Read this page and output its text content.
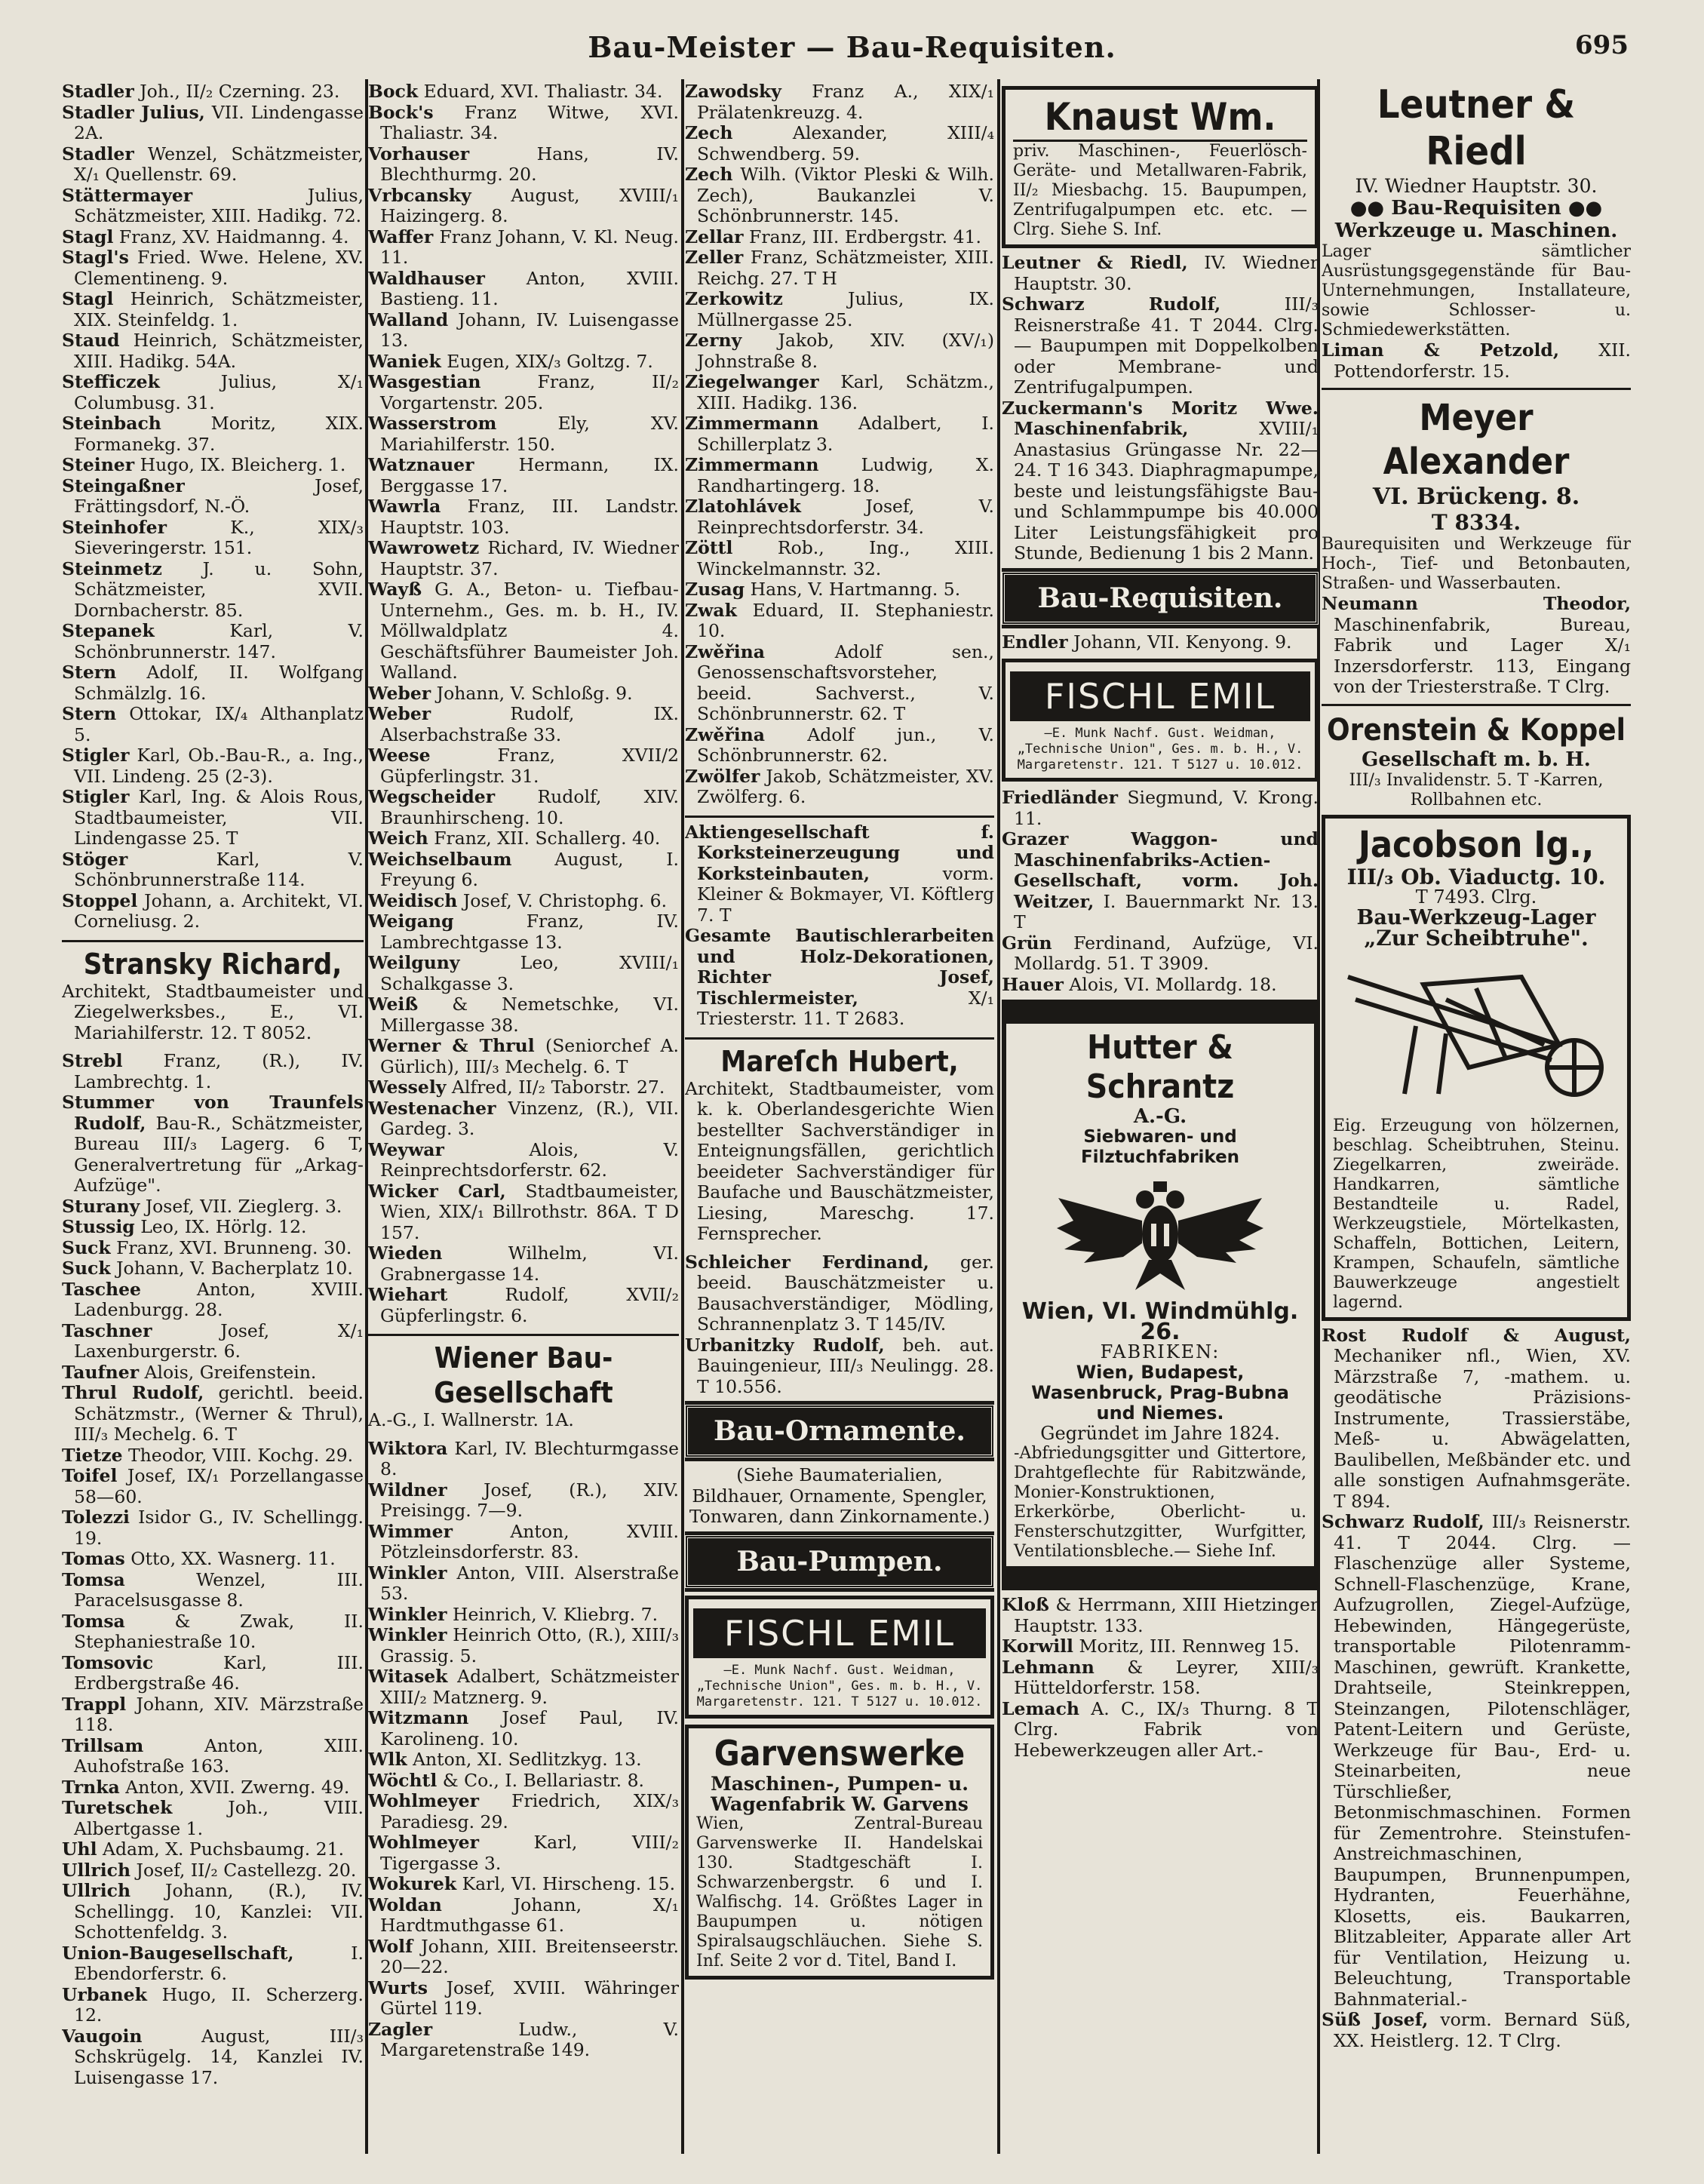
Bau-Meister — Bau-Requisiten.	695
Stadler Joh., II/₂ Czerning. 23.
Stadler Julius, VII. Lindengasse 2A.
Stadler Wenzel, Schätzmeister, X/₁ Quellenstr. 69.
Stättermayer Julius, Schätzmeister, XIII. Hadikg. 72.
Stagl Franz, XV. Haidmanng. 4.
Stagl's Fried. Wwe. Helene, XV. Clementineng. 9.
Stagl Heinrich, Schätzmeister, XIX. Steinfeldg. 1.
Staud Heinrich, Schätzmeister, XIII. Hadikg. 54A.
Stefficzek Julius, X/₁ Columbusg. 31.
Steinbach Moritz, XIX. Formanekg. 37.
Steiner Hugo, IX. Bleicherg. 1.
Steingaßner Josef, Frättingsdorf, N.-Ö.
Steinhofer K., XIX/₃ Sieveringerstr. 151.
Steinmetz J. u. Sohn, Schätzmeister, XVII. Dornbacherstr. 85.
Stepanek Karl, V. Schönbrunnerstr. 147.
Stern Adolf, II. Wolfgang Schmälzlg. 16.
Stern Ottokar, IX/₄ Althanplatz 5.
Stigler Karl, Ob.-Bau-R., a. Ing., VII. Lindeng. 25 (2-3).
Stigler Karl, Ing. & Alois Rous, Stadtbaumeister, VII. Lindengasse 25. T
Stöger Karl, V. Schönbrunnerstraße 114.
Stoppel Johann, a. Architekt, VI. Corneliusg. 2.
Stransky Richard,
Architekt, Stadtbaumeister und Ziegelwerksbes., E., VI. Mariahilferstr. 12. T 8052.
Strebl Franz, (R.), IV. Lambrechtg. 1.
Stummer von Traunfels Rudolf, Bau-R., Schätzmeister, Bureau III/₃ Lagerg. 6 T, Generalvertretung für „Arkag-Aufzüge".
Sturany Josef, VII. Zieglerg. 3.
Stussig Leo, IX. Hörlg. 12.
Suck Franz, XVI. Brunneng. 30.
Suck Johann, V. Bacherplatz 10.
Taschee Anton, XVIII. Ladenburgg. 28.
Taschner Josef, X/₁ Laxenburgerstr. 6.
Taufner Alois, Greifenstein.
Thrul Rudolf, gerichtl. beeid. Schätzmstr., (Werner & Thrul), III/₃ Mechelg. 6. T
Tietze Theodor, VIII. Kochg. 29.
Toifel Josef, IX/₁ Porzellangasse 58—60.
Tolezzi Isidor G., IV. Schellingg. 19.
Tomas Otto, XX. Wasnerg. 11.
Tomsa Wenzel, III. Paracelsusgasse 8.
Tomsa & Zwak, II. Stephaniestraße 10.
Tomsovic Karl, III. Erdbergstraße 46.
Trappl Johann, XIV. Märzstraße 118.
Trillsam Anton, XIII. Auhofstraße 163.
Trnka Anton, XVII. Zwerng. 49.
Turetschek Joh., VIII. Albertgasse 1.
Uhl Adam, X. Puchsbaumg. 21.
Ullrich Josef, II/₂ Castellezg. 20.
Ullrich Johann, (R.), IV. Schellingg. 10, Kanzlei: VII. Schottenfeldg. 3.
Union-Baugesellschaft, I. Ebendorferstr. 6.
Urbanek Hugo, II. Scherzerg. 12.
Vaugoin August, III/₃ Schskrügelg. 14, Kanzlei IV. Luisengasse 17.
Bock Eduard, XVI. Thaliastr. 34.
Bock's Franz Witwe, XVI. Thaliastr. 34.
Vorhauser Hans, IV. Blechthurmg. 20.
Vrbcansky August, XVIII/₁ Haizingerg. 8.
Waffer Franz Johann, V. Kl. Neug. 11.
Waldhauser Anton, XVIII. Bastieng. 11.
Walland Johann, IV. Luisengasse 13.
Waniek Eugen, XIX/₃ Goltzg. 7.
Wasgestian Franz, II/₂ Vorgartenstr. 205.
Wasserstrom Ely, XV. Mariahilferstr. 150.
Watznauer Hermann, IX. Berggasse 17.
Wawrla Franz, III. Landstr. Hauptstr. 103.
Wawrowetz Richard, IV. Wiedner Hauptstr. 37.
Wayß G. A., Beton- u. Tiefbau-Unternehm., Ges. m. b. H., IV. Möllwaldplatz 4. Geschäftsführer Baumeister Joh. Walland.
Weber Johann, V. Schloßg. 9.
Weber Rudolf, IX. Alserbachstraße 33.
Weese Franz, XVII/2 Güpferlingstr. 31.
Wegscheider Rudolf, XIV. Braunhirscheng. 10.
Weich Franz, XII. Schallerg. 40.
Weichselbaum August, I. Freyung 6.
Weidisch Josef, V. Christophg. 6.
Weigang Franz, IV. Lambrechtgasse 13.
Weilguny Leo, XVIII/₁ Schalkgasse 3.
Weiß & Nemetschke, VI. Millergasse 38.
Werner & Thrul (Seniorchef A. Gürlich), III/₃ Mechelg. 6. T
Wessely Alfred, II/₂ Taborstr. 27.
Westenacher Vinzenz, (R.), VII. Gardeg. 3.
Weywar Alois, V. Reinprechtsdorferstr. 62.
Wicker Carl, Stadtbaumeister, Wien, XIX/₁ Billrothstr. 86A. T D 157.
Wieden Wilhelm, VI. Grabnergasse 14.
Wiehart Rudolf, XVII/₂ Güpferlingstr. 6.
Wiener Bau-Gesellschaft
A.-G., I. Wallnerstr. 1A.
Wiktora Karl, IV. Blechturmgasse 8.
Wildner Josef, (R.), XIV. Preisingg. 7—9.
Wimmer Anton, XVIII. Pötzleinsdorferstr. 83.
Winkler Anton, VIII. Alserstraße 53.
Winkler Heinrich, V. Kliebrg. 7.
Winkler Heinrich Otto, (R.), XIII/₃ Grassig. 5.
Witasek Adalbert, Schätzmeister XIII/₂ Matznerg. 9.
Witzmann Josef Paul, IV. Karolineng. 10.
Wlk Anton, XI. Sedlitzkyg. 13.
Wöchtl & Co., I. Bellariastr. 8.
Wohlmeyer Friedrich, XIX/₃ Paradiesg. 29.
Wohlmeyer Karl, VIII/₂ Tigergasse 3.
Wokurek Karl, VI. Hirscheng. 15.
Woldan Johann, X/₁ Hardtmuthgasse 61.
Wolf Johann, XIII. Breitenseerstr. 20—22.
Wurts Josef, XVIII. Währinger Gürtel 119.
Zagler Ludw., V. Margaretenstraße 149.
Zawodsky Franz A., XIX/₁ Prälatenkreuzg. 4.
Zech Alexander, XIII/₄ Schwendberg. 59.
Zech Wilh. (Viktor Pleski & Wilh. Zech), Baukanzlei V. Schönbrunnerstr. 145.
Zellar Franz, III. Erdbergstr. 41.
Zeller Franz, Schätzmeister, XIII. Reichg. 27. T H
Zerkowitz Julius, IX. Müllnergasse 25.
Zerny Jakob, XIV. (XV/₁) Johnstraße 8.
Ziegelwanger Karl, Schätzm., XIII. Hadikg. 136.
Zimmermann Adalbert, I. Schillerplatz 3.
Zimmermann Ludwig, X. Randhartingerg. 18.
Zlatohlávek Josef, V. Reinprechtsdorferstr. 34.
Zöttl Rob., Ing., XIII. Winckelmannstr. 32.
Zusag Hans, V. Hartmanng. 5.
Zwak Eduard, II. Stephaniestr. 10.
Zwěřina Adolf sen., Genossenschaftsvorsteher, beeid. Sachverst., V. Schönbrunnerstr. 62. T
Zwěřina Adolf jun., V. Schönbrunnerstr. 62.
Zwölfer Jakob, Schätzmeister, XV. Zwölferg. 6.
Aktiengesellschaft f. Korksteinerzeugung und Korksteinbauten, vorm. Kleiner & Bokmayer, VI. Köftlerg 7. T
Gesamte Bautischlerarbeiten und Holz-Dekorationen, Richter Josef, Tischlermeister, X/₁ Triesterstr. 11. T 2683.
Mareſch Hubert,
Architekt, Stadtbaumeister, vom k. k. Oberlandesgerichte Wien bestellter Sachverständiger in Enteignungsfällen, gerichtlich beeideter Sachverständiger für Baufache und Bauschätzmeister, Liesing, Mareschg. 17. Fernsprecher.
Schleicher Ferdinand, ger. beeid. Bauschätzmeister u. Bausachverständiger, Mödling, Schrannenplatz 3. T 145/IV.
Urbanitzky Rudolf, beh. aut. Bauingenieur, III/₃ Neulingg. 28. T 10.556.
Bau-Ornamente.
(Siehe Baumaterialien, Bildhauer, Ornamente, Spengler, Tonwaren, dann Zinkornamente.)
Bau-Pumpen.
FISCHL EMIL
—E. Munk Nachf. Gust. Weidman, „Technische Union", Ges. m. b. H., V. Margaretenstr. 121. T 5127 u. 10.012.
Garvenswerke
Maschinen-, Pumpen- u. Wagenfabrik W. Garvens
Wien, Zentral-Bureau Garvenswerke II. Handelskai 130. Stadtgeschäft I. Schwarzenbergstr. 6 und I. Walfischg. 14. Größtes Lager in Baupumpen u. nötigen Spiralsaugschläuchen. Siehe S. Inf. Seite 2 vor d. Titel, Band I.
Knaust Wm.
priv. Maschinen-, Feuerlösch-Geräte- und Metallwaren-Fabrik, II/₂ Miesbachg. 15. Baupumpen, Zentrifugalpumpen etc. etc. — Clrg. Siehe S. Inf.
Leutner & Riedl, IV. Wiedner Hauptstr. 30.
Schwarz Rudolf, III/₃ Reisnerstraße 41. T 2044. Clrg. — Baupumpen mit Doppelkolben oder Membrane- und Zentrifugalpumpen.
Zuckermann's Moritz Wwe. Maschinenfabrik, XVIII/₁ Anastasius Grüngasse Nr. 22—24. T 16 343. Diaphragmapumpe, beste und leistungsfähigste Bau- und Schlammpumpe bis 40.000 Liter Leistungsfähigkeit pro Stunde, Bedienung 1 bis 2 Mann.
Bau-Requisiten.
Endler Johann, VII. Kenyong. 9.
FISCHL EMIL
—E. Munk Nachf. Gust. Weidman, „Technische Union", Ges. m. b. H., V. Margaretenstr. 121. T 5127 u. 10.012.
Friedländer Siegmund, V. Krong. 11.
Grazer Waggon- und Maschinenfabriks-Actien-Gesellschaft, vorm. Joh. Weitzer, I. Bauernmarkt Nr. 13. T
Grün Ferdinand, Aufzüge, VI. Mollardg. 51. T 3909.
Hauer Alois, VI. Mollardg. 18.
Hutter & Schrantz
A.-G.
Siebwaren- und Filztuchfabriken
Wien, VI. Windmühlg. 26.
FABRIKEN:
Wien, Budapest, Wasenbruck, Prag-Bubna und Niemes.
Gegründet im Jahre 1824.
-Abfriedungsgitter und Gittertore, Drahtgeflechte für Rabitzwände, Monier-Konstruktionen, Erkerkörbe, Oberlicht- u. Fensterschutzgitter, Wurfgitter, Ventilationsbleche.— Siehe Inf.
Kloß & Herrmann, XIII Hietzinger Hauptstr. 133.
Korwill Moritz, III. Rennweg 15.
Lehmann & Leyrer, XIII/₃ Hütteldorferstr. 158.
Lemach A. C., IX/₃ Thurng. 8 T Clrg. Fabrik von Hebewerkzeugen aller Art.-
Leutner & Riedl
IV. Wiedner Hauptstr. 30.
●● Bau-Requisiten ●●
Werkzeuge u. Maschinen.
Lager sämtlicher Ausrüstungsgegenstände für Bau-Unternehmungen, Installateure, sowie Schlosser- u. Schmiedewerkstätten.
Liman & Petzold, XII. Pottendorferstr. 15.
Meyer Alexander
VI. Brückeng. 8.
T 8334.
Baurequisiten und Werkzeuge für Hoch-, Tief- und Betonbauten, Straßen- und Wasserbauten.
Neumann Theodor, Maschinenfabrik, Bureau, Fabrik und Lager X/₁ Inzersdorferstr. 113, Eingang von der Triesterstraße. T Clrg.
Orenstein & Koppel
Gesellschaft m. b. H.
III/₃ Invalidenstr. 5. T -Karren, Rollbahnen etc.
Jacobson Ig.,
III/₃ Ob. Viaductg. 10.
T 7493. Clrg.
Bau-Werkzeug-Lager
„Zur Scheibtruhe".
Eig. Erzeugung von hölzernen, beschlag. Scheibtruhen, Steinu. Ziegelkarren, zweiräde. Handkarren, sämtliche Bestandteile u. Radel, Werkzeugstiele, Mörtelkasten, Schaffeln, Bottichen, Leitern, Krampen, Schaufeln, sämtliche Bauwerkzeuge angestielt lagernd.
Rost Rudolf & August, Mechaniker nfl., Wien, XV. Märzstraße 7, -mathem. u. geodätische Präzisions-Instrumente, Trassierstäbe, Meß- u. Abwägelatten, Baulibellen, Meßbänder etc. und alle sonstigen Aufnahmsgeräte. T 894.
Schwarz Rudolf, III/₃ Reisnerstr. 41. T 2044. Clrg. —Flaschenzüge aller Systeme, Schnell-Flaschenzüge, Krane, Aufzugrollen, Ziegel-Aufzüge, Hebewinden, Hängegerüste, transportable Pilotenramm-Maschinen, gewrüft. Krankette, Drahtseile, Steinkreppen, Steinzangen, Pilotenschläger, Patent-Leitern und Gerüste, Werkzeuge für Bau-, Erd- u. Steinarbeiten, neue Türschließer, Betonmischmaschinen. Formen für Zementrohre. Steinstufen- Anstreichmaschinen, Baupumpen, Brunnenpumpen, Hydranten, Feuerhähne, Klosetts, eis. Baukarren, Blitzableiter, Apparate aller Art für Ventilation, Heizung u. Beleuchtung, Transportable Bahnmaterial.-
Süß Josef, vorm. Bernard Süß, XX. Heistlerg. 12. T Clrg.
